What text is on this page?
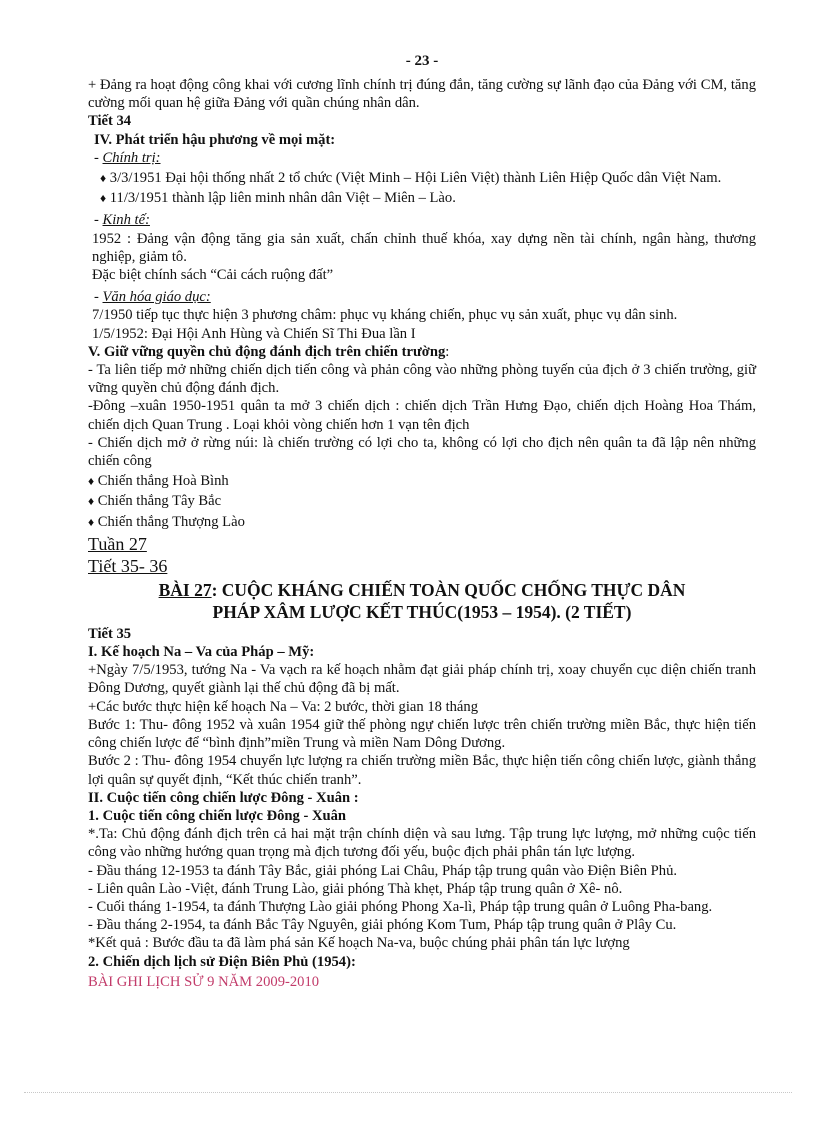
- 23 -

+ Đảng ra hoạt động công khai với cương lĩnh chính trị đúng đắn, tăng cường sự lãnh đạo của Đảng với CM, tăng cường mối quan hệ giữa Đảng với quần chúng nhân dân.

Tiết 34

IV. Phát triển hậu phương về mọi mặt:

- Chính trị:

♦ 3/3/1951 Đại hội thống nhất 2 tổ chức (Việt Minh – Hội Liên Việt) thành Liên Hiệp Quốc dân Việt Nam.

♦ 11/3/1951 thành lập liên minh nhân dân Việt – Miên – Lào.

- Kinh tế:

1952 : Đảng vận động tăng gia sản xuất, chấn chỉnh thuế khóa, xay dựng nền tài chính, ngân hàng, thương nghiệp, giảm tô.

Đặc biệt chính sách “Cải cách ruộng đất”

- Văn hóa giáo dục:

7/1950 tiếp tục thực hiện 3 phương châm: phục vụ kháng chiến, phục vụ sản xuất, phục vụ dân sinh.

1/5/1952: Đại Hội Anh Hùng và Chiến Sĩ Thi Đua lần I

V. Giữ vững quyền chủ động đánh địch trên chiến trường:

- Ta liên tiếp mở những chiến dịch tiến công và phản công vào những phòng tuyến của địch ở 3 chiến trường, giữ vững quyền chủ động đánh địch.

-Đông –xuân 1950-1951 quân ta mở 3 chiến dịch : chiến dịch Trần Hưng Đạo, chiến dịch Hoàng Hoa Thám, chiến dịch Quan Trung . Loại khỏi vòng chiến hơn 1 vạn tên địch

- Chiến dịch mở ở rừng núi: là chiến trường có lợi cho ta, không có lợi cho địch nên quân ta đã lập nên những chiến công

♦ Chiến thắng Hoà Bình

♦ Chiến thắng Tây Bắc

♦ Chiến thắng Thượng Lào

Tuần 27

Tiết 35- 36

BÀI 27: CUỘC KHÁNG CHIẾN TOÀN QUỐC CHỐNG THỰC DÂN

PHÁP XÂM LƯỢC KẾT THÚC(1953 – 1954). (2 TIẾT)

Tiết 35

I. Kế hoạch Na – Va của Pháp – Mỹ:

+Ngày 7/5/1953, tướng Na - Va vạch ra kế hoạch nhằm đạt giải pháp chính trị, xoay chuyển cục diện chiến tranh Đông Dương, quyết giành lại thế chủ động đã bị mất.

+Các bước thực hiện kế hoạch Na – Va: 2 bước, thời gian 18 tháng

Bước 1: Thu- đông 1952 và xuân 1954 giữ thế phòng ngự chiến lược trên chiến trường miền Bắc, thực hiện tiến công chiến lược để “bình định”miền Trung và miền Nam Dông Dương.

Bước 2 : Thu- đông 1954 chuyển lực lượng ra chiến trường miền Bắc, thực hiện tiến công chiến lược, giành thắng lợi quân sự quyết định, “Kết thúc chiến tranh”.

II. Cuộc tiến công chiến lược Đông - Xuân :

1. Cuộc tiến công chiến lược Đông - Xuân

*.Ta: Chủ động đánh địch trên cả hai mặt trận chính diện và sau lưng. Tập trung lực lượng, mở những cuộc tiến công vào những hướng quan trọng mà địch tương đối yếu, buộc địch phải phân tán lực lượng.

- Đầu tháng 12-1953 ta đánh Tây Bắc, giải phóng Lai Châu, Pháp tập trung quân vào Điện Biên Phủ.

- Liên quân Lào -Việt, đánh Trung Lào, giải phóng Thà khẹt, Pháp tập trung quân ở Xê- nô.

- Cuối tháng 1-1954, ta đánh Thượng Lào giải phóng Phong Xa-lì, Pháp tập trung quân ở Luông Pha-bang.

- Đầu tháng 2-1954, ta đánh Bắc Tây Nguyên, giải phóng Kom Tum, Pháp tập trung quân ở Plây Cu.

*Kết quả : Bước đầu ta đã làm phá sản Kế hoạch Na-va, buộc chúng phải phân tán lực lượng

2. Chiến dịch lịch sử Điện Biên Phủ (1954):

BÀI GHI LỊCH SỬ 9 NĂM 2009-2010
